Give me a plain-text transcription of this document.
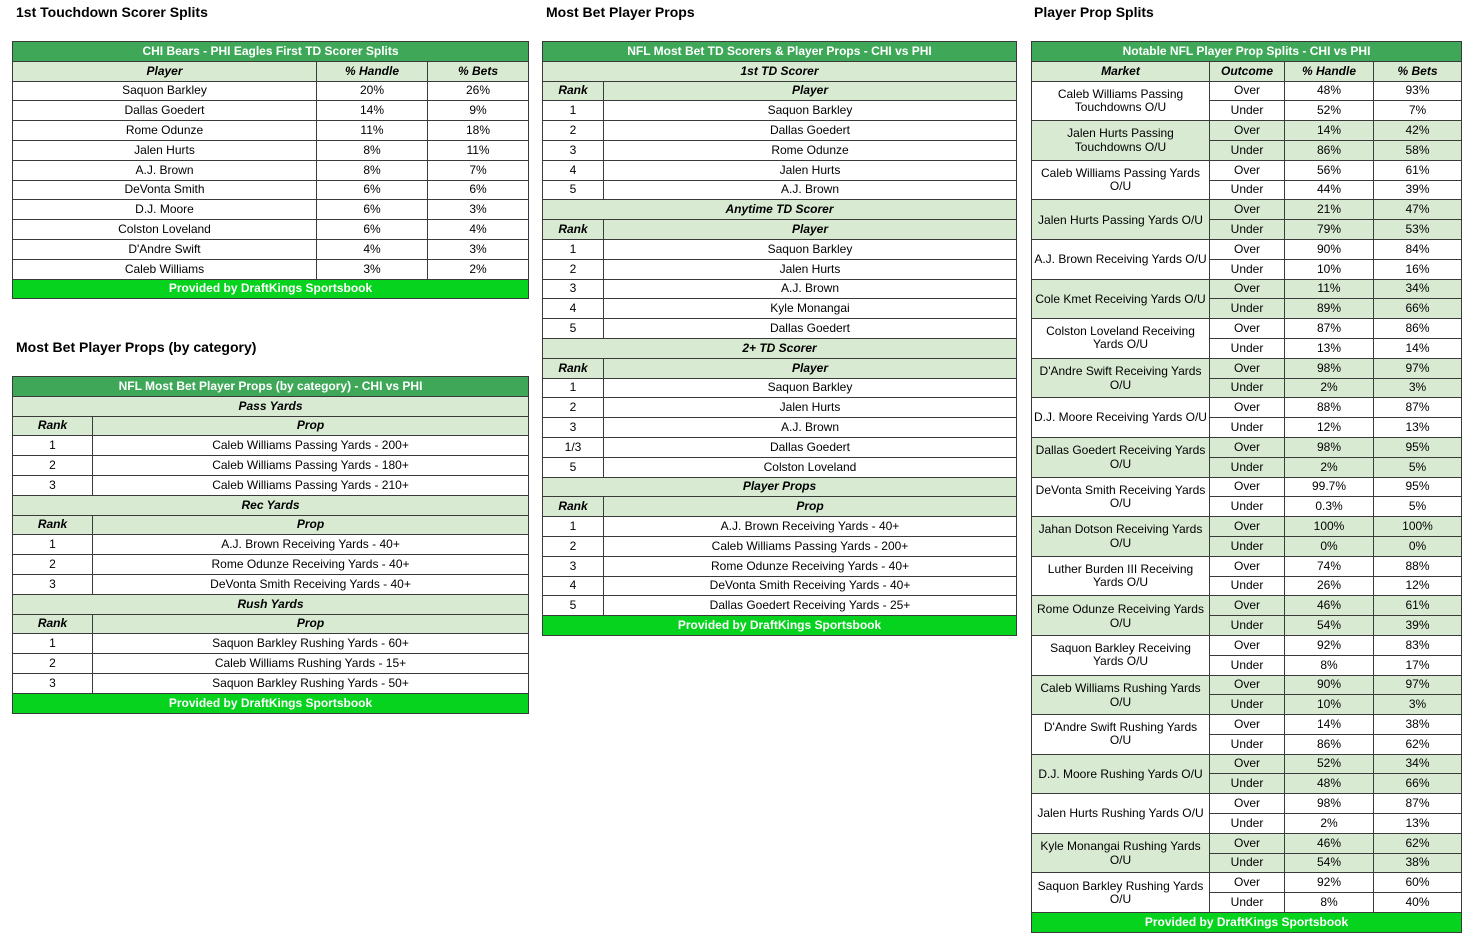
1st Touchdown Scorer Splits	Most Bet Player Props	Player Prop Splits
Most Bet Player Props (by category)
CHI Bears - PHI Eagles First TD Scorer Splits		
Player	% Handle	% Bets
Saquon Barkley	20%	26%
Dallas Goedert	14%	9%
Rome Odunze	11%	18%
Jalen Hurts	8%	11%
A.J. Brown	8%	7%
DeVonta Smith	6%	6%
D.J. Moore	6%	3%
Colston Loveland	6%	4%
D'Andre Swift	4%	3%
Caleb Williams	3%	2%
Provided by DraftKings Sportsbook		
NFL Most Bet Player Props (by category) - CHI vs PHI	
Pass Yards	
Rank	Prop
1	Caleb Williams Passing Yards - 200+
2	Caleb Williams Passing Yards - 180+
3	Caleb Williams Passing Yards - 210+
Rec Yards	
Rank	Prop
1	A.J. Brown Receiving Yards - 40+
2	Rome Odunze Receiving Yards - 40+
3	DeVonta Smith Receiving Yards - 40+
Rush Yards	
Rank	Prop
1	Saquon Barkley Rushing Yards - 60+
2	Caleb Williams Rushing Yards - 15+
3	Saquon Barkley Rushing Yards - 50+
Provided by DraftKings Sportsbook	
NFL Most Bet TD Scorers & Player Props - CHI vs PHI	
1st TD Scorer	
Rank	Player
1	Saquon Barkley
2	Dallas Goedert
3	Rome Odunze
4	Jalen Hurts
5	A.J. Brown
Anytime TD Scorer	
Rank	Player
1	Saquon Barkley
2	Jalen Hurts
3	A.J. Brown
4	Kyle Monangai
5	Dallas Goedert
2+ TD Scorer	
Rank	Player
1	Saquon Barkley
2	Jalen Hurts
3	A.J. Brown
1/3	Dallas Goedert
5	Colston Loveland
Player Props	
Rank	Prop
1	A.J. Brown Receiving Yards - 40+
2	Caleb Williams Passing Yards - 200+
3	Rome Odunze Receiving Yards - 40+
4	DeVonta Smith Receiving Yards - 40+
5	Dallas Goedert Receiving Yards - 25+
Provided by DraftKings Sportsbook	
Notable NFL Player Prop Splits - CHI vs PHI			
Market	Outcome	% Handle	% Bets
Caleb Williams Passing Touchdowns O/U	Over	48%	93%
	Under	52%	7%
Jalen Hurts Passing Touchdowns O/U	Over	14%	42%
	Under	86%	58%
Caleb Williams Passing Yards O/U	Over	56%	61%
	Under	44%	39%
Jalen Hurts Passing Yards O/U	Over	21%	47%
	Under	79%	53%
A.J. Brown Receiving Yards O/U	Over	90%	84%
	Under	10%	16%
Cole Kmet Receiving Yards O/U	Over	11%	34%
	Under	89%	66%
Colston Loveland Receiving Yards O/U	Over	87%	86%
	Under	13%	14%
D'Andre Swift Receiving Yards O/U	Over	98%	97%
	Under	2%	3%
D.J. Moore Receiving Yards O/U	Over	88%	87%
	Under	12%	13%
Dallas Goedert Receiving Yards O/U	Over	98%	95%
	Under	2%	5%
DeVonta Smith Receiving Yards O/U	Over	99.7%	95%
	Under	0.3%	5%
Jahan Dotson Receiving Yards O/U	Over	100%	100%
	Under	0%	0%
Luther Burden III Receiving Yards O/U	Over	74%	88%
	Under	26%	12%
Rome Odunze Receiving Yards O/U	Over	46%	61%
	Under	54%	39%
Saquon Barkley Receiving Yards O/U	Over	92%	83%
	Under	8%	17%
Caleb Williams Rushing Yards O/U	Over	90%	97%
	Under	10%	3%
D'Andre Swift Rushing Yards O/U	Over	14%	38%
	Under	86%	62%
D.J. Moore Rushing Yards O/U	Over	52%	34%
	Under	48%	66%
Jalen Hurts Rushing Yards O/U	Over	98%	87%
	Under	2%	13%
Kyle Monangai Rushing Yards O/U	Over	46%	62%
	Under	54%	38%
Saquon Barkley Rushing Yards O/U	Over	92%	60%
	Under	8%	40%
Provided by DraftKings Sportsbook			
